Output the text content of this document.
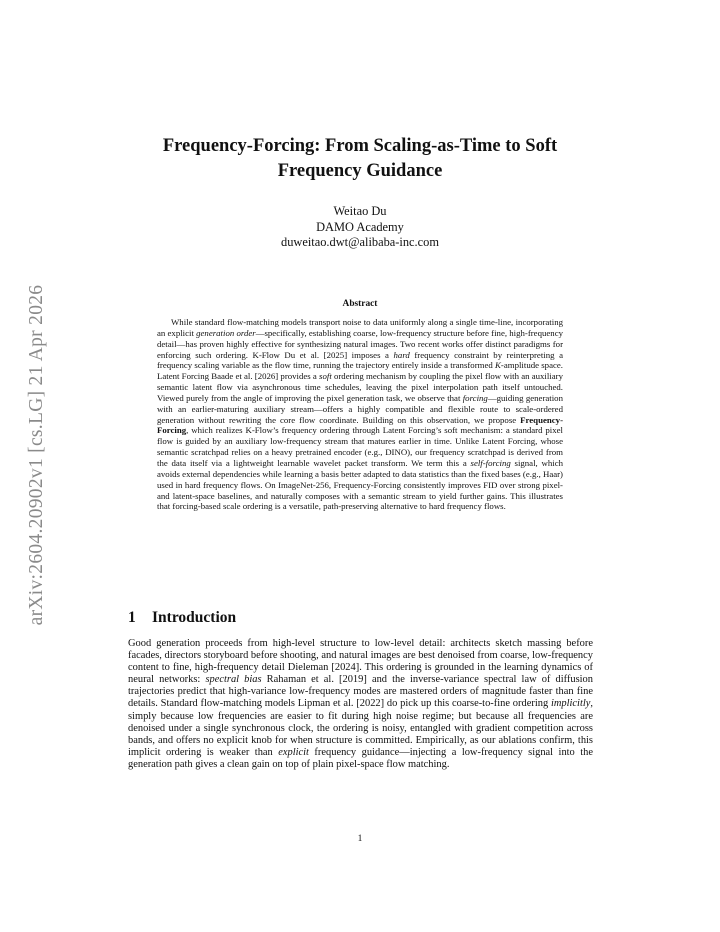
arXiv:2604.20902v1 [cs.LG] 21 Apr 2026
Frequency-Forcing: From Scaling-as-Time to Soft
Frequency Guidance
Weitao Du
DAMO Academy
duweitao.dwt@alibaba-inc.com
Abstract

While standard flow-matching models transport noise to data uniformly along a single time-line, incorporating an explicit generation order—specifically, establishing coarse, low-frequency structure before fine, high-frequency detail—has proven highly effective for synthesizing natural images. Two recent works offer distinct paradigms for enforcing such ordering. K-Flow Du et al. [2025] imposes a hard frequency constraint by reinterpreting a frequency scaling variable as the flow time, running the trajectory entirely inside a transformed K-amplitude space. Latent Forcing Baade et al. [2026] provides a soft ordering mechanism by coupling the pixel flow with an auxiliary semantic latent flow via asynchronous time schedules, leaving the pixel interpolation path itself untouched. Viewed purely from the angle of improving the pixel generation task, we observe that forcing—guiding generation with an earlier-maturing auxiliary stream—offers a highly compatible and flexible route to scale-ordered generation without rewriting the core flow coordinate. Building on this observation, we propose Frequency-Forcing, which realizes K-Flow’s frequency ordering through Latent Forcing’s soft mechanism: a standard pixel flow is guided by an auxiliary low-frequency stream that matures earlier in time. Unlike Latent Forcing, whose semantic scratchpad relies on a heavy pretrained encoder (e.g., DINO), our frequency scratchpad is derived from the data itself via a lightweight learnable wavelet packet transform. We term this a self-forcing signal, which avoids external dependencies while learning a basis better adapted to data statistics than the fixed bases (e.g., Haar) used in hard frequency flows. On ImageNet-256, Frequency-Forcing consistently improves FID over strong pixel- and latent-space baselines, and naturally composes with a semantic stream to yield further gains. This illustrates that forcing-based scale ordering is a versatile, path-preserving alternative to hard frequency flows.

1 Introduction

Good generation proceeds from high-level structure to low-level detail: architects sketch massing before facades, directors storyboard before shooting, and natural images are best denoised from coarse, low-frequency content to fine, high-frequency detail Dieleman [2024]. This ordering is grounded in the learning dynamics of neural networks: spectral bias Rahaman et al. [2019] and the inverse-variance spectral law of diffusion trajectories predict that high-variance low-frequency modes are mastered orders of magnitude faster than fine details. Standard flow-matching models Lipman et al. [2022] do pick up this coarse-to-fine ordering implicitly, simply because low frequencies are easier to fit during high noise regime; but because all frequencies are denoised under a single synchronous clock, the ordering is noisy, entangled with gradient competition across bands, and offers no explicit knob for when structure is committed. Empirically, as our ablations confirm, this implicit ordering is weaker than explicit frequency guidance—injecting a low-frequency signal into the generation path gives a clean gain on top of plain pixel-space flow matching.

1
